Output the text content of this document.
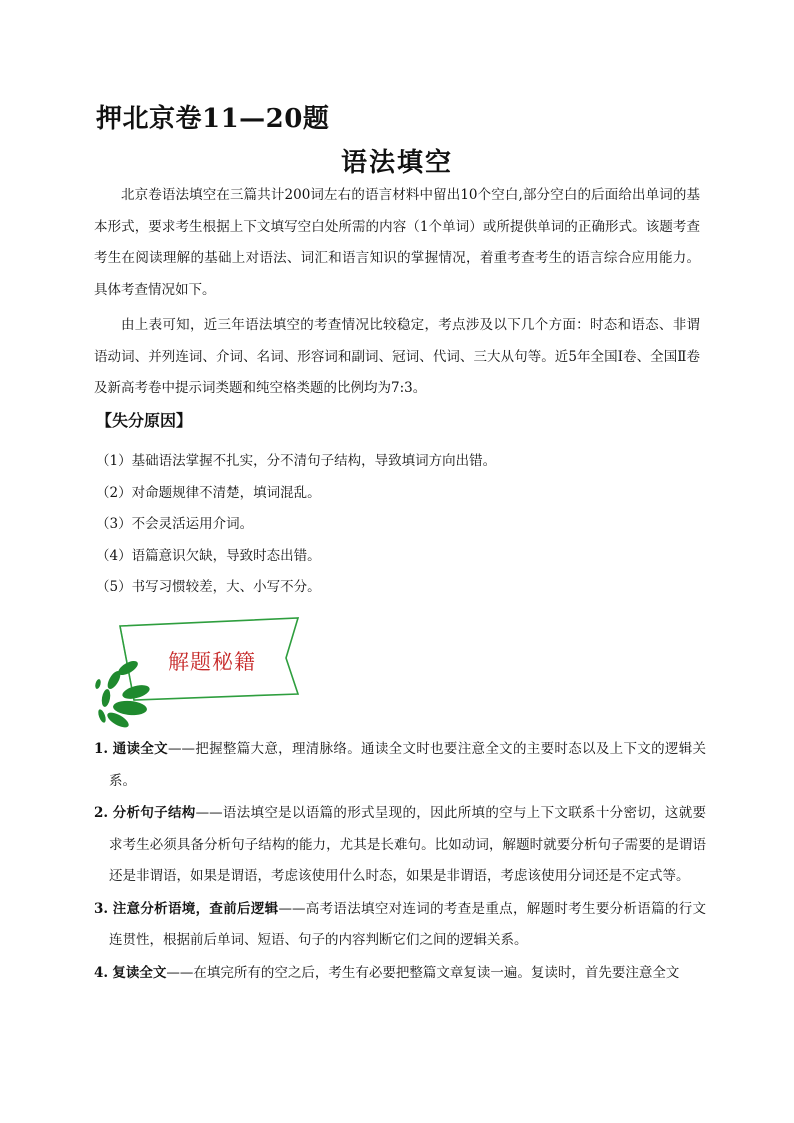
押北京卷11—20题
语法填空

北京卷语法填空在三篇共计200词左右的语言材料中留出10个空白,部分空白的后面给出单词的基本形式，要求考生根据上下文填写空白处所需的内容（1个单词）或所提供单词的正确形式。该题考查考生在阅读理解的基础上对语法、词汇和语言知识的掌握情况，着重考查考生的语言综合应用能力。具体考查情况如下。

由上表可知，近三年语法填空的考查情况比较稳定，考点涉及以下几个方面：时态和语态、非谓语动词、并列连词、介词、名词、形容词和副词、冠词、代词、三大从句等。近5年全国Ⅰ卷、全国Ⅱ卷及新高考卷中提示词类题和纯空格类题的比例均为7:3。

【失分原因】
（1）基础语法掌握不扎实，分不清句子结构，导致填词方向出错。
（2）对命题规律不清楚，填词混乱。
（3）不会灵活运用介词。
（4）语篇意识欠缺，导致时态出错。
（5）书写习惯较差，大、小写不分。
解题秘籍
1. 通读全文——把握整篇大意，理清脉络。通读全文时也要注意全文的主要时态以及上下文的逻辑关系。
2. 分析句子结构——语法填空是以语篇的形式呈现的，因此所填的空与上下文联系十分密切，这就要求考生必须具备分析句子结构的能力，尤其是长难句。比如动词，解题时就要分析句子需要的是谓语还是非谓语，如果是谓语，考虑该使用什么时态，如果是非谓语，考虑该使用分词还是不定式等。
3. 注意分析语境，查前后逻辑——高考语法填空对连词的考查是重点，解题时考生要分析语篇的行文连贯性，根据前后单词、短语、句子的内容判断它们之间的逻辑关系。
4. 复读全文——在填完所有的空之后，考生有必要把整篇文章复读一遍。复读时，首先要注意全文
